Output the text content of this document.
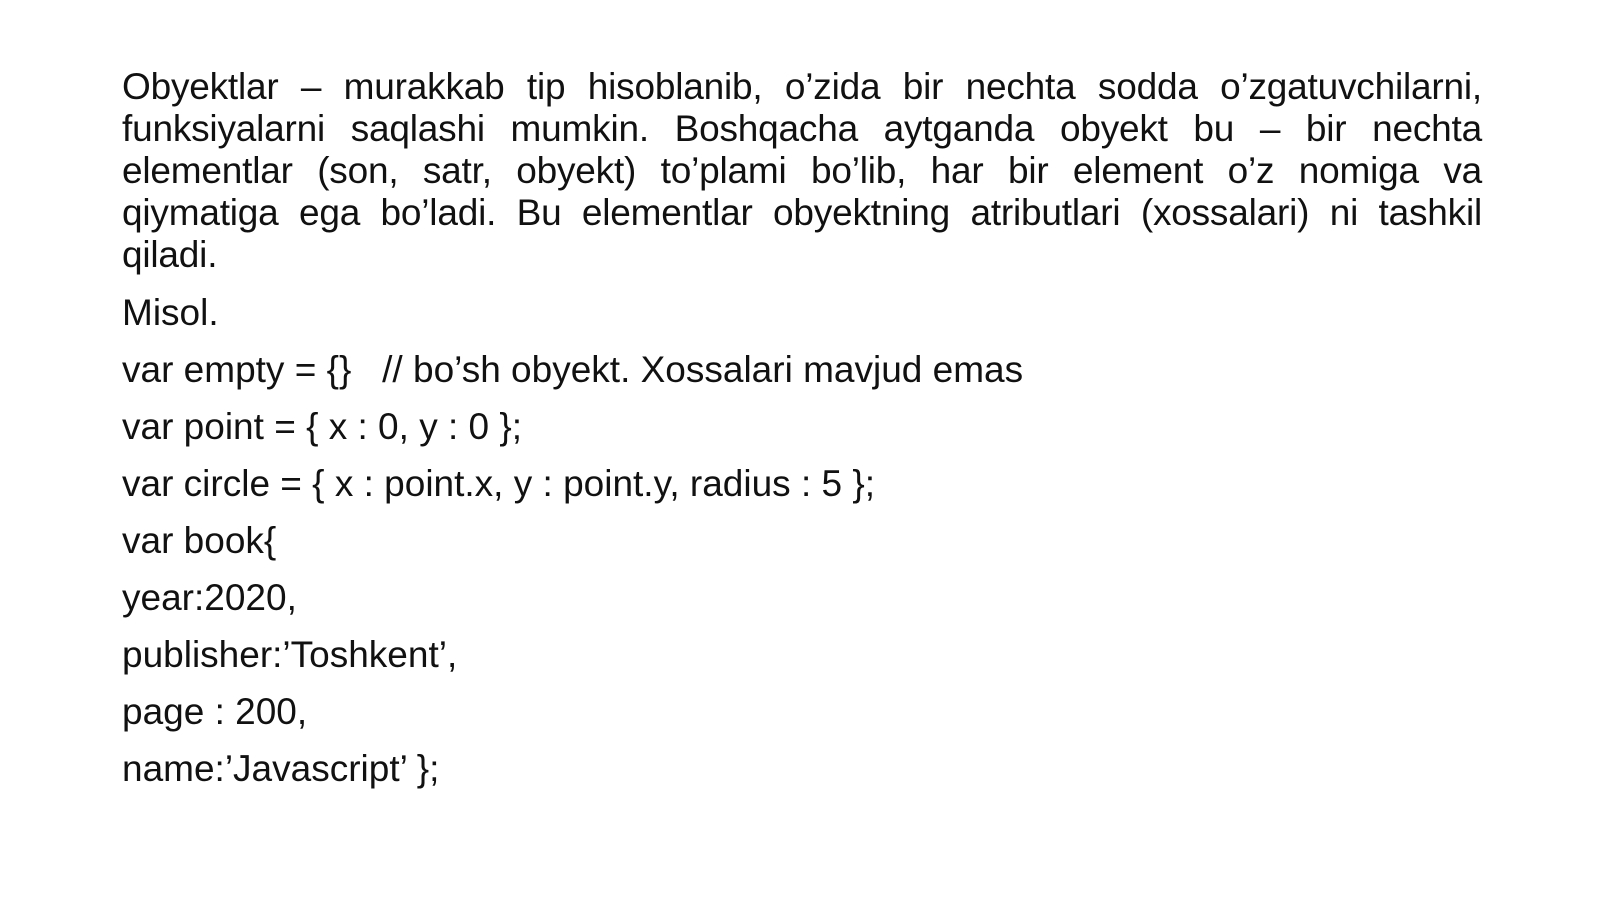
Obyektlar – murakkab tip hisoblanib, o’zida bir nechta sodda o’zgatuvchilarni, funksiyalarni saqlashi mumkin. Boshqacha aytganda obyekt bu – bir nechta elementlar (son, satr, obyekt) to’plami bo’lib, har bir element o’z nomiga va qiymatiga ega bo’ladi. Bu elementlar obyektning atributlari (xossalari) ni tashkil qiladi.

Misol.

var empty = {}   // bo’sh obyekt. Xossalari mavjud emas

var point = { x : 0, y : 0 };

var circle = { x : point.x, y : point.y, radius : 5 };

var book{

year:2020,

publisher:’Toshkent’,

page : 200,

name:’Javascript’ };
